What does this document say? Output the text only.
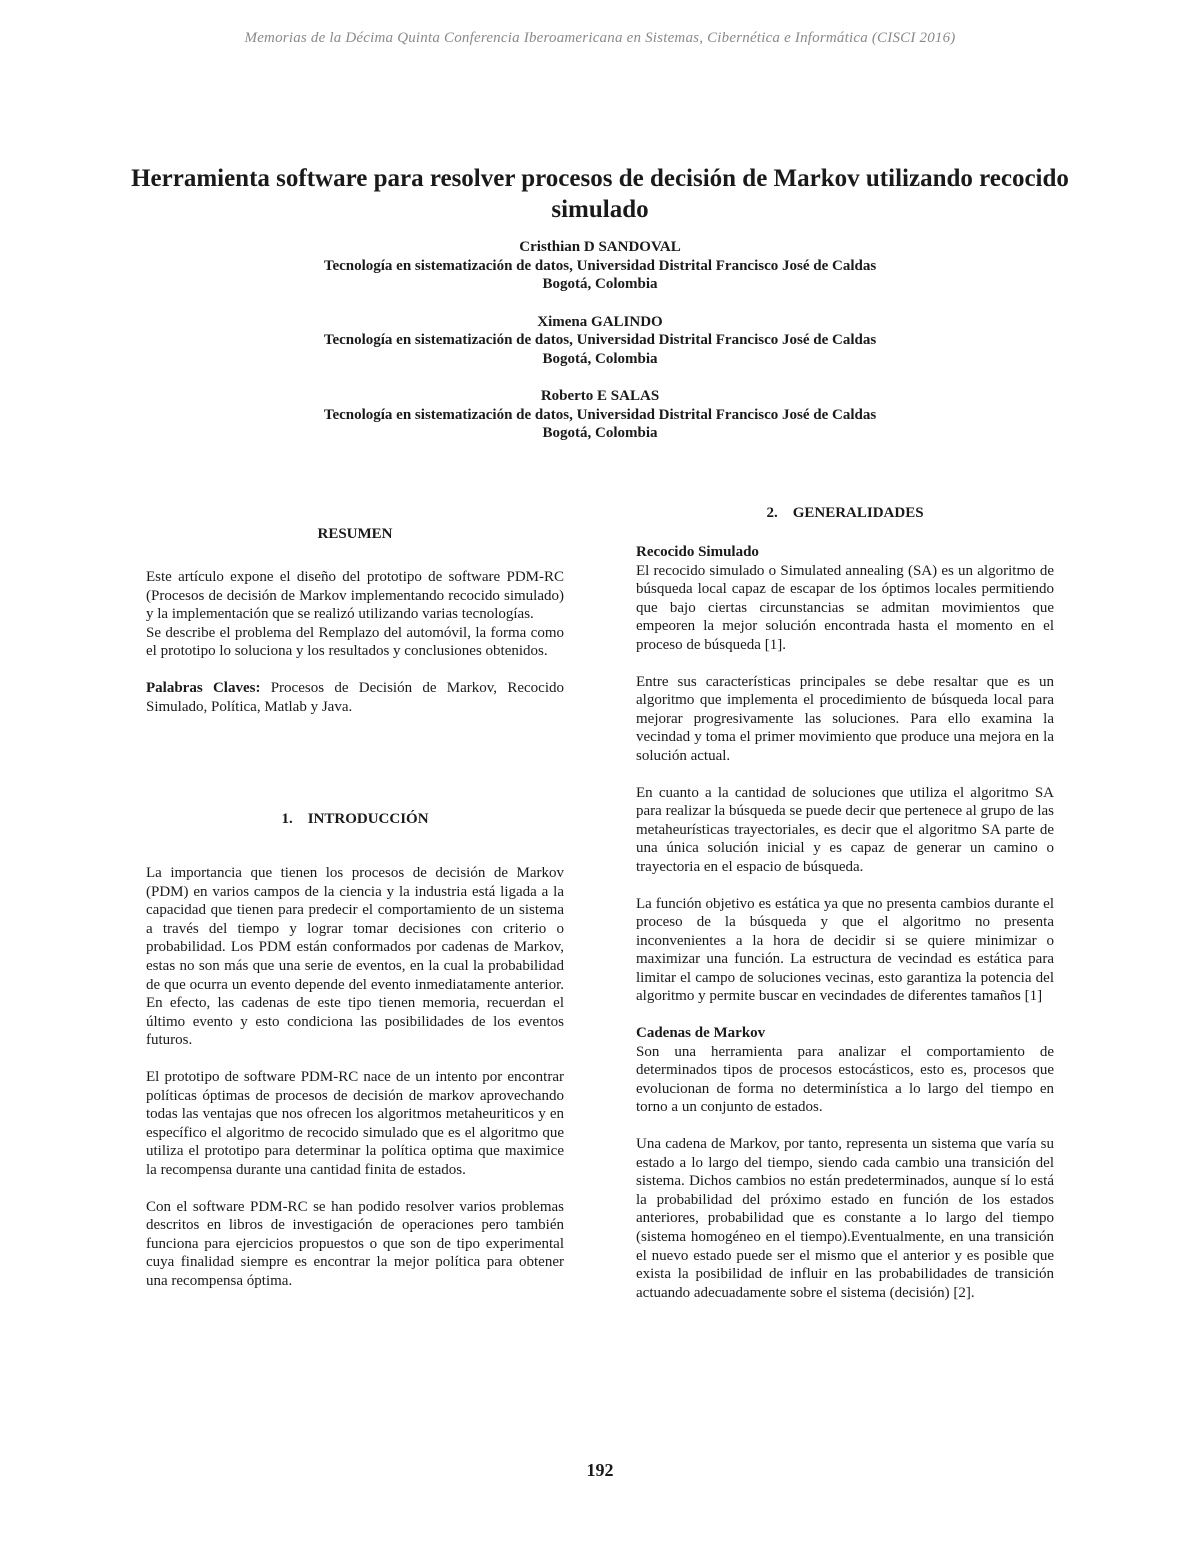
Memorias de la Décima Quinta Conferencia Iberoamericana en Sistemas, Cibernética e Informática (CISCI 2016)
Herramienta software para resolver procesos de decisión de Markov utilizando recocido simulado
Cristhian D SANDOVAL
Tecnología en sistematización de datos, Universidad Distrital Francisco José de Caldas
Bogotá, Colombia
Ximena GALINDO
Tecnología en sistematización de datos, Universidad Distrital Francisco José de Caldas
Bogotá, Colombia
Roberto E SALAS
Tecnología en sistematización de datos, Universidad Distrital Francisco José de Caldas
Bogotá, Colombia
RESUMEN

Este artículo expone el diseño del prototipo de software PDM-RC (Procesos de decisión de Markov implementando recocido simulado) y la implementación que se realizó utilizando varias tecnologías.

Se describe el problema del Remplazo del automóvil, la forma como el prototipo lo soluciona y los resultados y conclusiones obtenidos.

Palabras Claves: Procesos de Decisión de Markov, Recocido Simulado, Política, Matlab y Java.

1.    INTRODUCCIÓN

La importancia que tienen los procesos de decisión de Markov (PDM) en varios campos de la ciencia y la industria está ligada a la capacidad que tienen para predecir el comportamiento de un sistema a través del tiempo y lograr tomar decisiones con criterio o probabilidad. Los PDM están conformados por cadenas de Markov, estas no son más que una serie de eventos, en la cual la probabilidad de que ocurra un evento depende del evento inmediatamente anterior. En efecto, las cadenas de este tipo tienen memoria, recuerdan el último evento y esto condiciona las posibilidades de los eventos futuros.

El prototipo de software PDM-RC nace de un intento por encontrar políticas óptimas de procesos de decisión de markov aprovechando todas las ventajas que nos ofrecen los algoritmos metaheuriticos y en específico el algoritmo de recocido simulado que es el algoritmo que utiliza el prototipo para determinar la política optima que maximice la recompensa durante una cantidad finita de estados.

Con el software PDM-RC se han podido resolver varios problemas descritos en libros de investigación de operaciones pero también funciona para ejercicios propuestos o que son de tipo experimental cuya finalidad siempre es encontrar la mejor política para obtener una recompensa óptima.

2.    GENERALIDADES
Recocido Simulado

El recocido simulado o Simulated annealing (SA) es un algoritmo de búsqueda local capaz de escapar de los óptimos locales permitiendo que bajo ciertas circunstancias se admitan movimientos que empeoren la mejor solución encontrada hasta el momento en el proceso de búsqueda [1].

Entre sus características principales se debe resaltar que es un algoritmo que implementa el procedimiento de búsqueda local para mejorar progresivamente las soluciones. Para ello examina la vecindad y toma el primer movimiento que produce una mejora en la solución actual.

En cuanto a la cantidad de soluciones que utiliza el algoritmo SA para realizar la búsqueda se puede decir que pertenece al grupo de las metaheurísticas trayectoriales, es decir que el algoritmo SA parte de una única solución inicial y es capaz de generar un camino o trayectoria en el espacio de búsqueda.

La función objetivo es estática ya que no presenta cambios durante el proceso de la búsqueda y que el algoritmo no presenta inconvenientes a la hora de decidir si se quiere minimizar o maximizar una función. La estructura de vecindad es estática para limitar el campo de soluciones vecinas, esto garantiza la potencia del algoritmo y permite buscar en vecindades de diferentes tamaños [1]

Cadenas de Markov

Son una herramienta para analizar el comportamiento de determinados tipos de procesos estocásticos, esto es, procesos que evolucionan de forma no determinística a lo largo del tiempo en torno a un conjunto de estados.

Una cadena de Markov, por tanto, representa un sistema que varía su estado a lo largo del tiempo, siendo cada cambio una transición del sistema. Dichos cambios no están predeterminados, aunque sí lo está la probabilidad del próximo estado en función de los estados anteriores, probabilidad que es constante a lo largo del tiempo (sistema homogéneo en el tiempo).Eventualmente, en una transición el nuevo estado puede ser el mismo que el anterior y es posible que exista la posibilidad de influir en las probabilidades de transición actuando adecuadamente sobre el sistema (decisión) [2].

192
